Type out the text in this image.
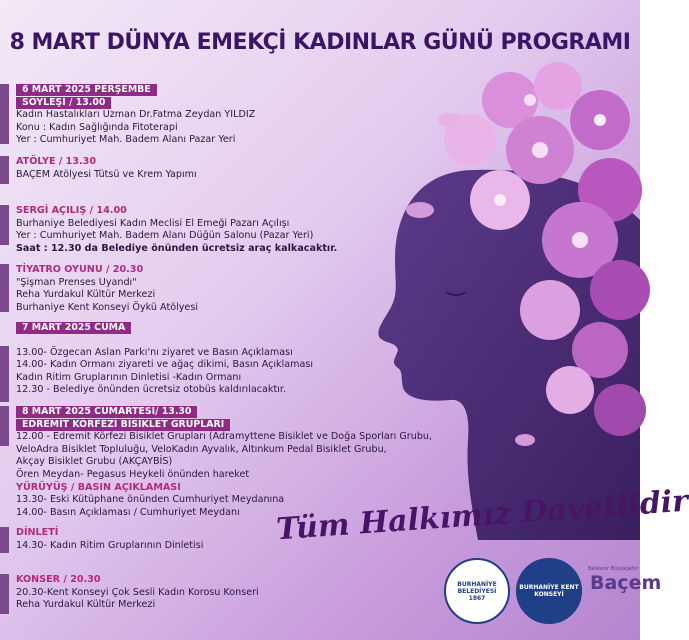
8 MART DÜNYA EMEKÇİ KADINLAR GÜNÜ PROGRAMI
6 MART 2025 PERŞEMBE
SÖYLEŞİ / 13.00
Kadın Hastalıkları Uzman Dr.Fatma Zeydan YILDIZ
Konu : Kadın Sağlığında Fitoterapi
Yer : Cumhuriyet Mah. Badem Alanı Pazar Yeri
ATÖLYE / 13.30
BAÇEM Atölyesi Tütsü ve Krem Yapımı
SERGİ AÇILIŞ / 14.00
Burhaniye Belediyesi Kadın Meclisi El Emeği Pazarı Açılışı
Yer : Cumhuriyet Mah. Badem Alanı Düğün Salonu (Pazar Yeri)
Saat : 12.30 da Belediye önünden ücretsiz araç kalkacaktır.
TİYATRO OYUNU / 20.30
"Şişman Prenses Uyandı"
Reha Yurdakul Kültür Merkezi
Burhaniye Kent Konseyi Öykü Atölyesi
7 MART 2025 CUMA
13.00- Özgecan Aslan Parkı'nı ziyaret ve Basın Açıklaması
14.00- Kadın Ormanı ziyareti ve ağaç dikimi, Basın Açıklaması
Kadın Ritim Gruplarının Dinletisi -Kadın Ormanı
12.30 - Belediye önünden ücretsiz otobüs kaldırılacaktır.
8 MART 2025 CUMARTESİ/ 13.30
EDREMİT KÖRFEZİ BİSİKLET GRUPLARI
12.00 - Edremit Körfezi Bisiklet Grupları (Adramyttene Bisiklet ve Doğa Sporları Grubu,
VeloAdra Bisiklet Topluluğu, VeloKadın Ayvalık, Altınkum Pedal Bisiklet Grubu,
Akçay Bisiklet Grubu (AKÇAYBİS)
Ören Meydan- Pegasus Heykeli önünden hareket
YÜRÜYÜŞ / BASIN AÇIKLAMASI
13.30- Eski Kütüphane önünden Cumhuriyet Meydanına
14.00- Basın Açıklaması / Cumhuriyet Meydanı
DİNLETİ
14.30- Kadın Ritim Gruplarının Dinletisi
KONSER / 20.30
20.30-Kent Konseyi Çok Sesli Kadın Korosu Konseri
Reha Yurdakul Kültür Merkezi
Tüm Halkımız Davetlidir
BURHANİYE BELEDİYESİ
1867
BURHANİYE KENT KONSEYİ
Balıkesir Büyükşehir
Baçem
